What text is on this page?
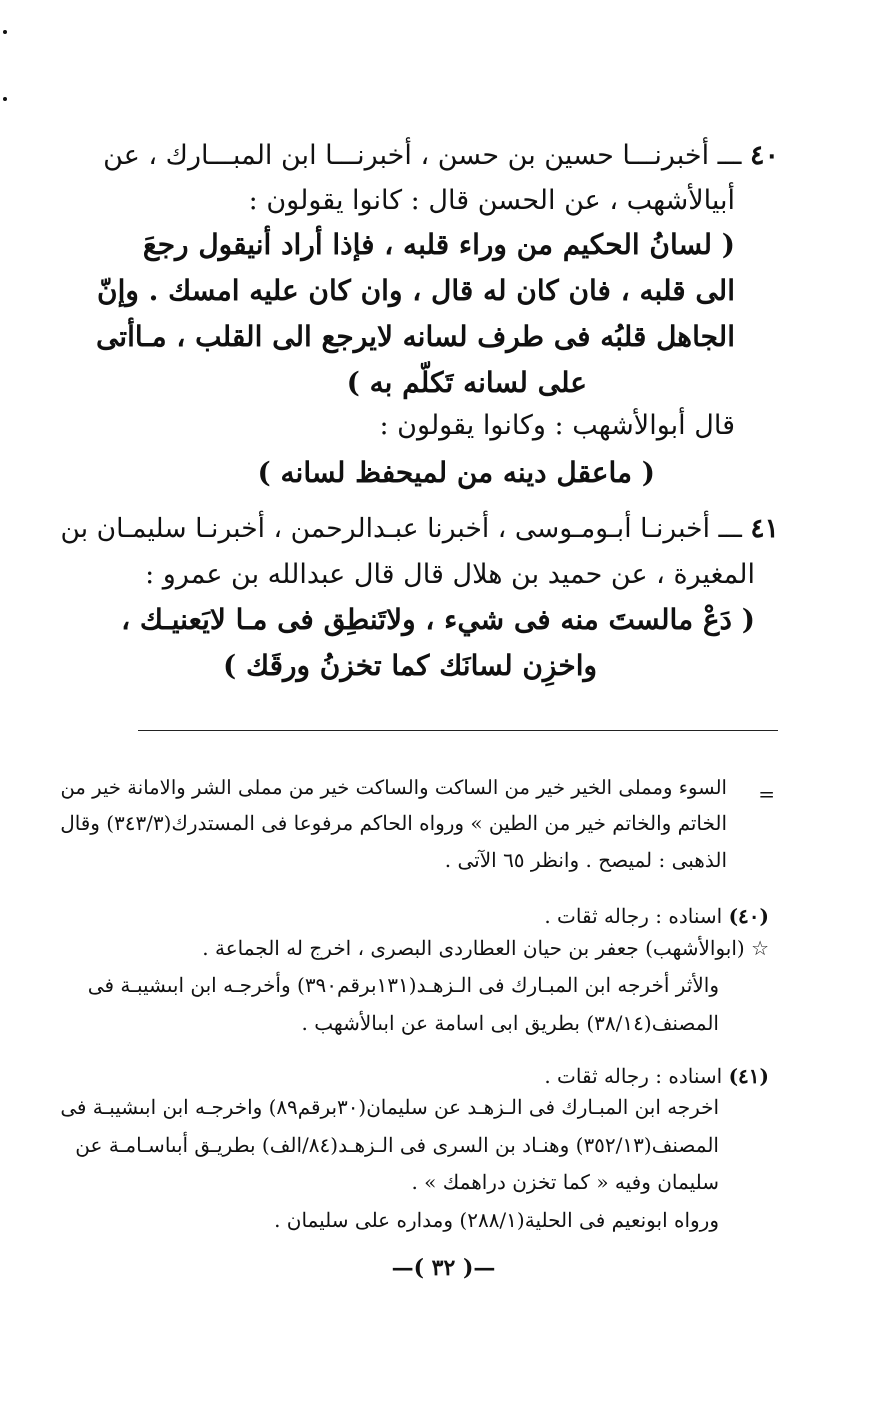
٤٠ ـــ أخبرنـــا حسين بن حسن ، أخبرنـــا ابن المبـــارك ، عن
أبيالأشهب ، عن الحسن قال : كانوا يقولون :
( لسانُ الحكيم من وراء قلبه ، فإذا أراد أنيقول رجعَ
الى قلبه ، فان كان له قال ، وان كان عليه امسك . وإنّ
الجاهل قلبُه فى طرف لسانه لايرجع الى القلب ، مـاأتى
على لسانه تَكلّم به )
قال أبوالأشهب : وكانوا يقولون :
( ماعقل دينه من لميحفظ لسانه )
٤١ ـــ أخبرنـا أبـومـوسى ، أخبرنا عبـدالرحمن ، أخبرنـا سليمـان بن
المغيرة ، عن حميد بن هلال قال قال عبدالله بن عمرو :
( دَعْ مالستَ منه فى شيء ، ولاتَنطِق فى مـا لايَعنيـك ،
واخزِن لسانَك كما تخزنُ ورقَك )
=
السوء ومملى الخير خير من الساكت والساكت خير من مملى الشر والامانة خير من
الخاتم والخاتم خير من الطين » ورواه الحاكم مرفوعا فى المستدرك(٣٤٣/٣) وقال
الذهبى : لميصح . وانظر ٦٥ الآتى .
(٤٠) اسناده : رجاله ثقات .
☆ (ابوالأشهب) جعفر بن حيان العطاردى البصرى ، اخرج له الجماعة .
والأثر أخرجه ابن المبـارك فى الـزهـد(١٣١برقم٣٩٠) وأخرجـه ابن ابىشيبـة فى
المصنف(٣٨/١٤) بطريق ابى اسامة عن ابىالأشهب .
(٤١) اسناده : رجاله ثقات .
اخرجه ابن المبـارك فى الـزهـد عن سليمان(٣٠برقم٨٩) واخرجـه ابن ابىشيبـة فى
المصنف(٣٥٢/١٣) وهنـاد بن السرى فى الـزهـد(٨٤/الف) بطريـق أبىاسـامـة عن
سليمان وفيه « كما تخزن دراهمك » .
ورواه ابونعيم فى الحلية(٢٨٨/١) ومداره على سليمان .
—( ٣٢ )—
